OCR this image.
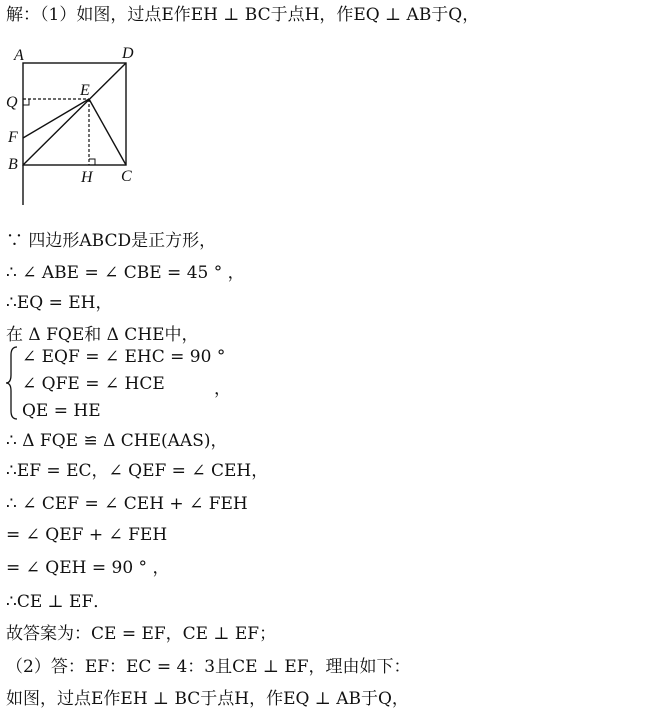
解：（1）如图，过点E作EH ⊥ BC于点H，作EQ ⊥ AB于Q，
A	D
Q
E
F
B
H C
∵ 四边形ABCD是正方形，
∴ ∠ ABE = ∠ CBE = 45 ° ，
∴EQ = EH，
在 Δ FQE和 Δ CHE中，
∠ EQF = ∠ EHC = 90 °
∠ QFE = ∠ HCE	，
QE = HE
∴ Δ FQE ≌ Δ CHE(AAS)，
∴EF = EC，∠ QEF = ∠ CEH，
∴ ∠ CEF = ∠ CEH + ∠ FEH
= ∠ QEF + ∠ FEH
= ∠ QEH = 90 ° ，
∴CE ⊥ EF．
故答案为：CE = EF，CE ⊥ EF；
（2）答：EF：EC = 4：3且CE ⊥ EF，理由如下：
如图，过点E作EH ⊥ BC于点H，作EQ ⊥ AB于Q，
